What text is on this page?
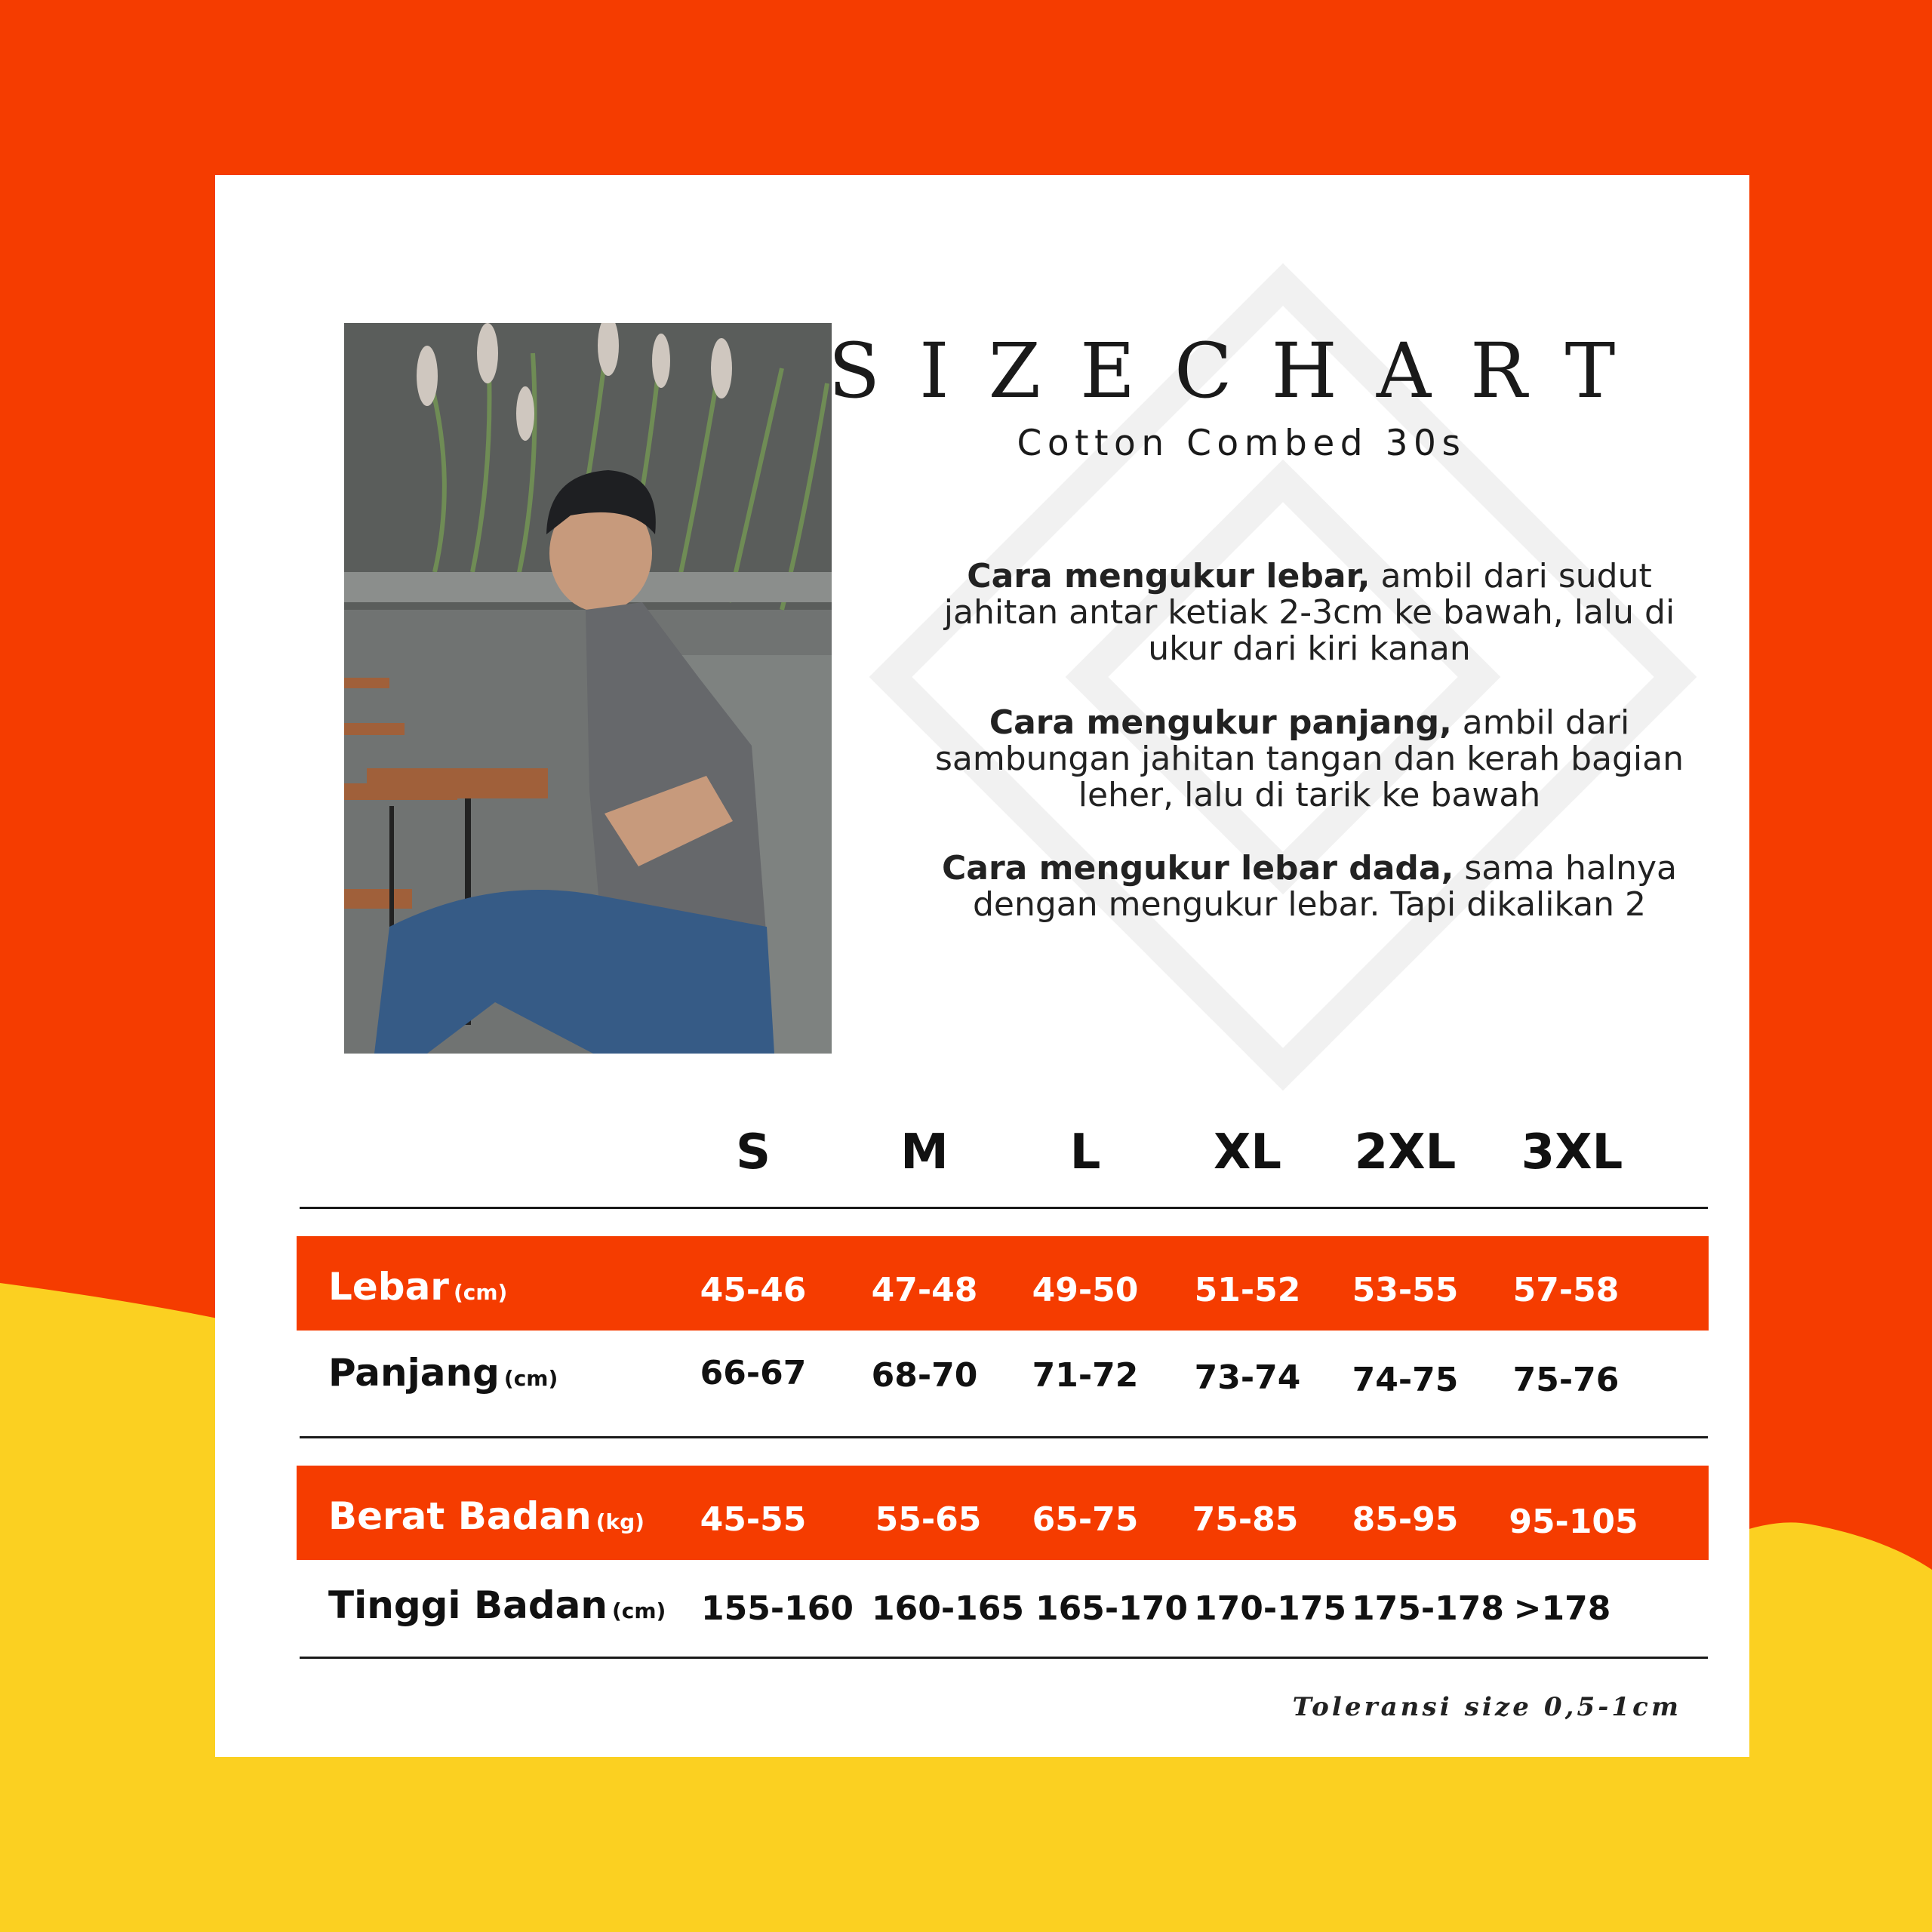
SIZECHART
Cotton Combed 30s
Cara mengukur lebar, ambil dari sudut jahitan antar ketiak 2-3cm ke bawah, lalu di ukur dari kiri kanan
Cara mengukur panjang, ambil dari sambungan jahitan tangan dan kerah bagian leher, lalu di tarik ke bawah
Cara mengukur lebar dada, sama halnya dengan mengukur lebar. Tapi dikalikan 2
S	M	L	XL	2XL 3XL
Lebar (cm)	45-46	47-48	49-50	51-52	53-55	57-58
Panjang (cm)	66-67	68-70	71-72	73-74	74-75	75-76
Berat Badan (kg)	45-55	55-65	65-75	75-85	85-95	95-105
Tinggi Badan (cm) 155-160 160-165 165-170 170-175 175-178 >178
Toleransi size 0,5-1cm
